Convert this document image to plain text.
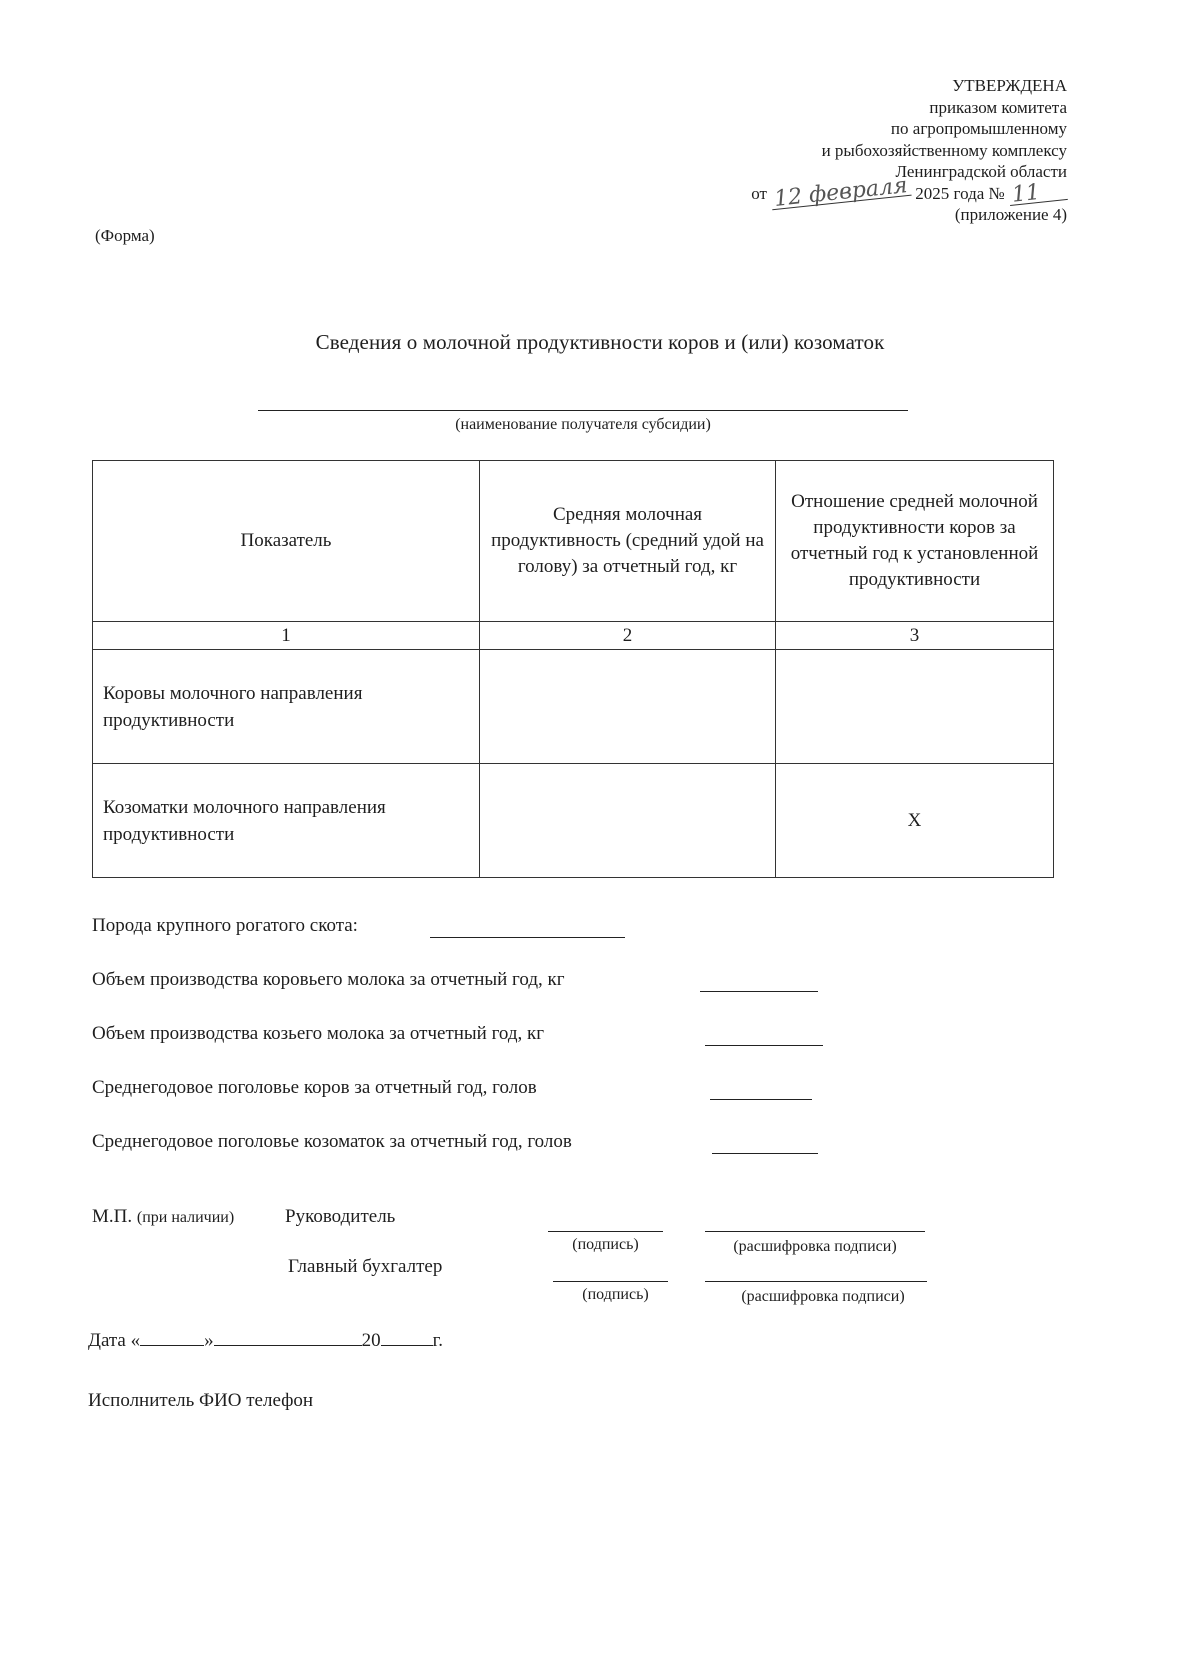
УТВЕРЖДЕНА
приказом комитета
по агропромышленному
и рыбохозяйственному комплексу
Ленинградской области
от 12 февраля 2025 года № 11
(приложение 4)
(Форма)
Сведения о молочной продуктивности коров и (или) козоматок
(наименование получателя субсидии)
Показатель	Средняя молочная продуктивность (средний удой на голову) за отчетный год, кг	Отношение средней молочной продуктивности коров за отчетный год к установленной продуктивности
1	2	3
Коровы молочного направления продуктивности		
Козоматки молочного направления продуктивности		Х
Порода крупного рогатого скота:
Объем производства коровьего молока за отчетный год, кг
Объем производства козьего молока за отчетный год, кг
Среднегодовое поголовье коров за отчетный год, голов
Среднегодовое поголовье козоматок за отчетный год, голов
М.П. (при наличии)	Руководитель
(подпись)	(расшифровка подписи)
Главный бухгалтер
(подпись)	(расшифровка подписи)
Дата «	»	20	г.
Исполнитель ФИО телефон
